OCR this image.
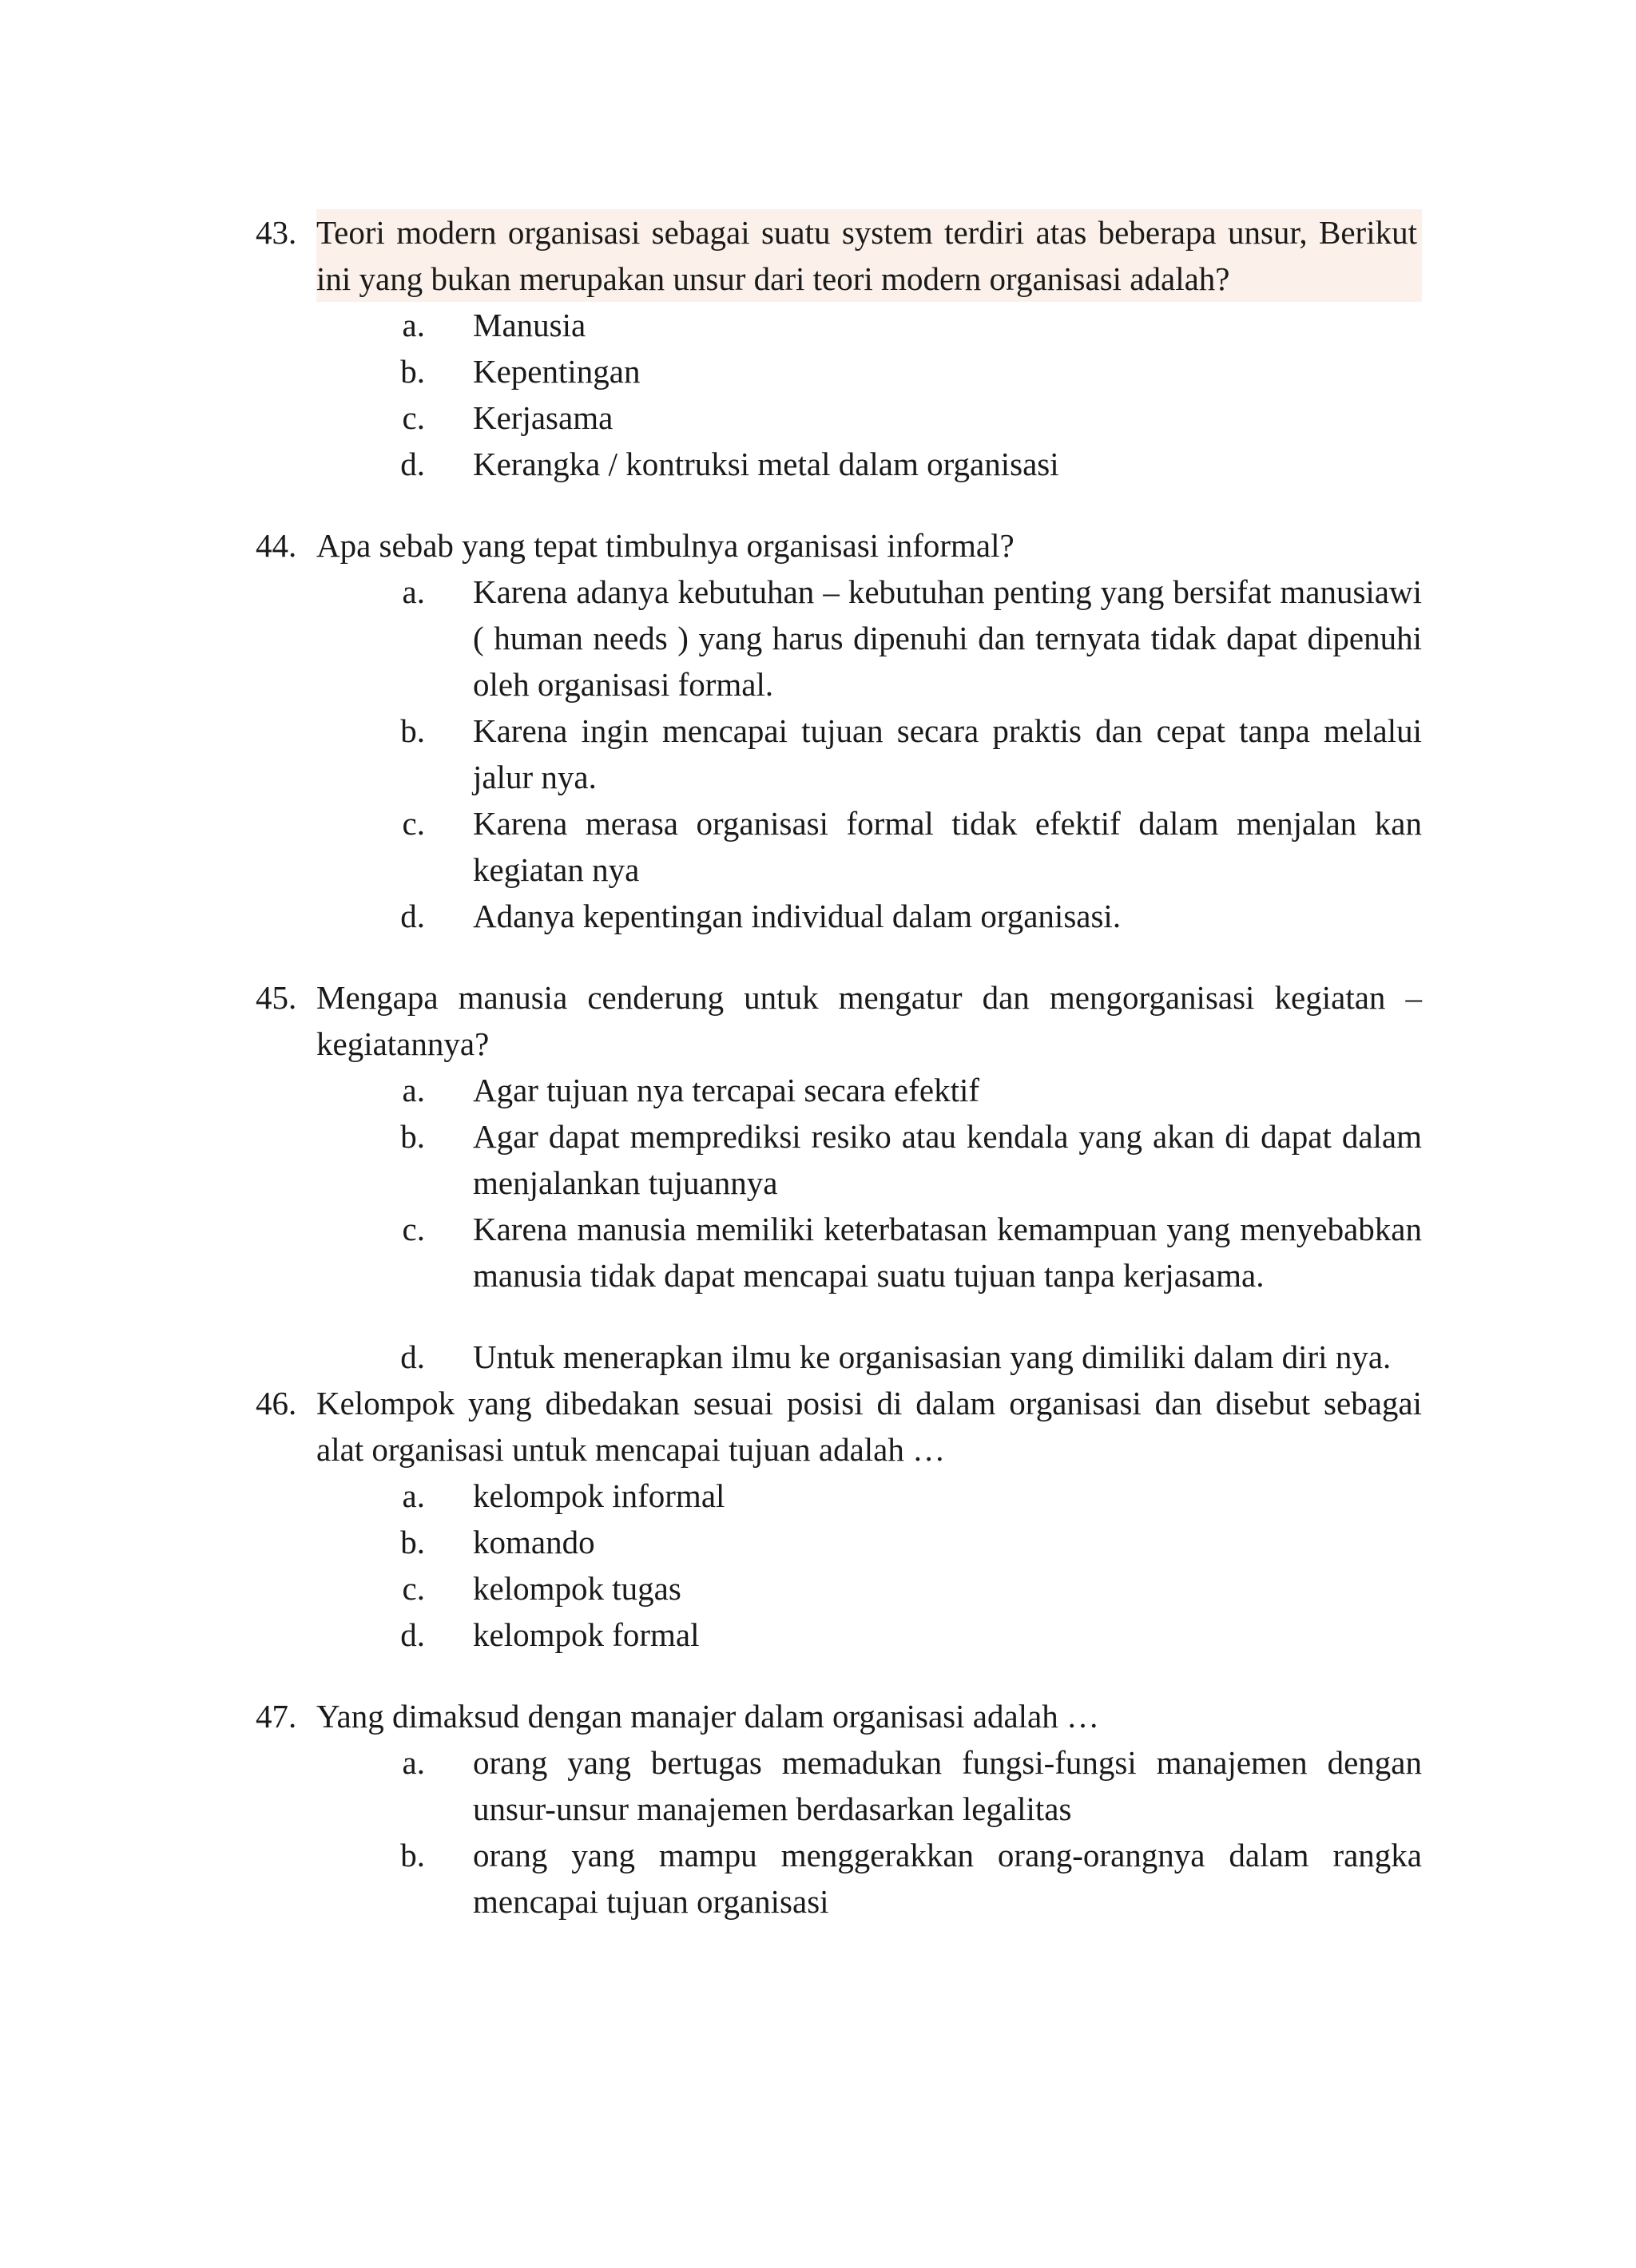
43. Teori modern organisasi sebagai suatu system terdiri atas beberapa unsur, Berikut ini yang bukan merupakan unsur dari teori modern organisasi adalah?
a. Manusia
b. Kepentingan
c. Kerjasama
d. Kerangka / kontruksi metal dalam organisasi
44. Apa sebab yang tepat timbulnya organisasi informal?
a. Karena adanya kebutuhan – kebutuhan penting yang bersifat manusiawi ( human needs ) yang harus dipenuhi dan ternyata tidak dapat dipenuhi oleh organisasi formal.
b. Karena ingin mencapai tujuan secara praktis dan cepat tanpa melalui jalur nya.
c. Karena merasa organisasi formal tidak efektif dalam menjalan kan kegiatan nya
d. Adanya kepentingan individual dalam organisasi.
45. Mengapa manusia cenderung untuk mengatur dan mengorganisasi kegiatan – kegiatannya?
a. Agar tujuan nya tercapai secara efektif
b. Agar dapat memprediksi resiko atau kendala yang akan di dapat dalam menjalankan tujuannya
c. Karena manusia memiliki keterbatasan kemampuan yang menyebabkan manusia tidak dapat mencapai suatu tujuan tanpa kerjasama.
d. Untuk menerapkan ilmu ke organisasian yang dimiliki dalam diri nya.
46. Kelompok yang dibedakan sesuai posisi di dalam organisasi dan disebut sebagai alat organisasi untuk mencapai tujuan adalah …
a. kelompok informal
b. komando
c. kelompok tugas
d. kelompok formal
47. Yang dimaksud dengan manajer dalam organisasi adalah …
a. orang yang bertugas memadukan fungsi-fungsi manajemen dengan unsur-unsur manajemen berdasarkan legalitas
b. orang yang mampu menggerakkan orang-orangnya dalam rangka mencapai tujuan organisasi
